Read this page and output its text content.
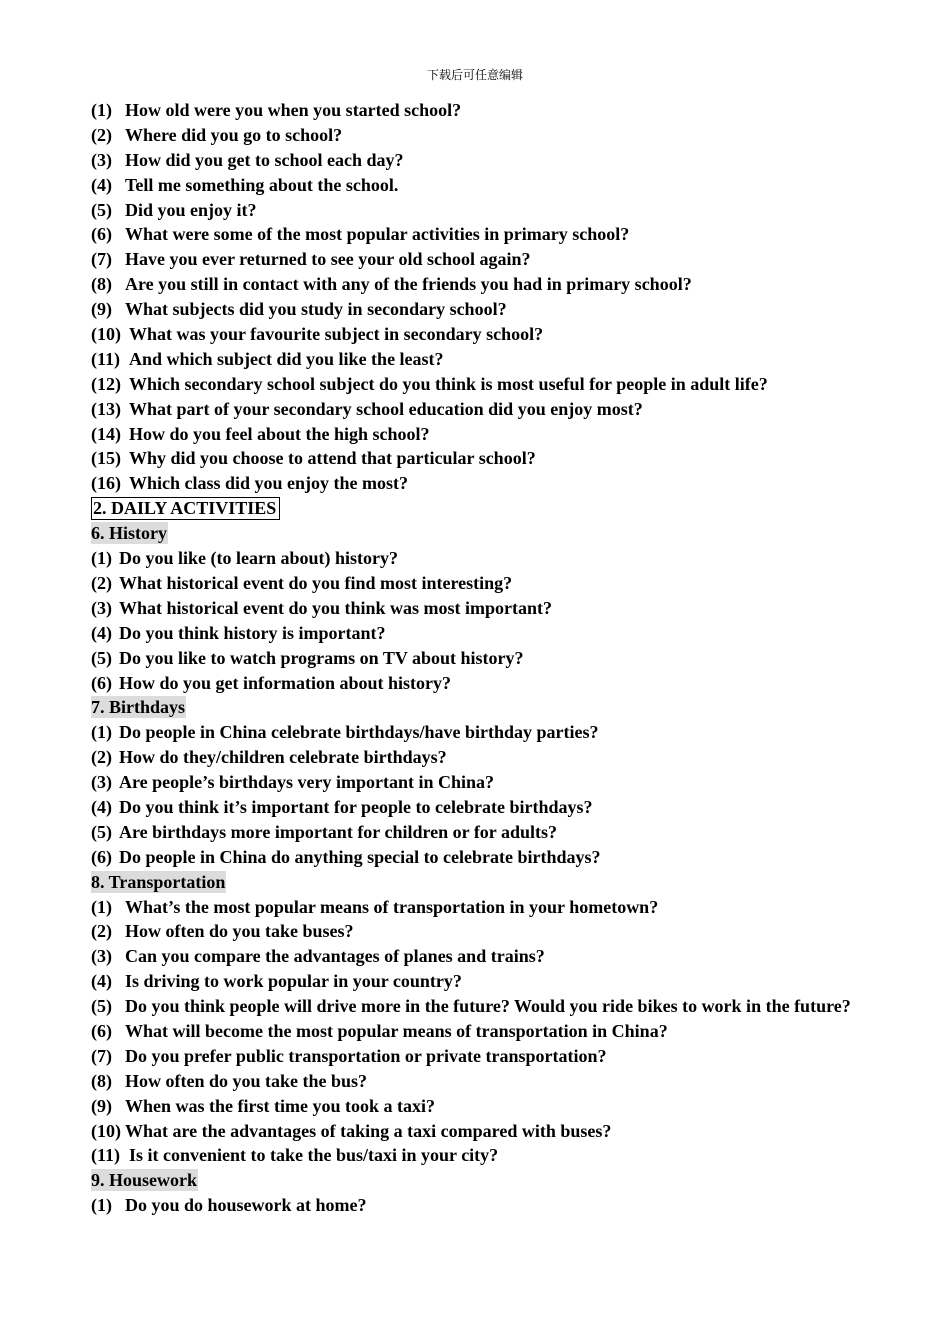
下载后可任意编辑
(1) How old were you when you started school?
(2) Where did you go to school?
(3) How did you get to school each day?
(4) Tell me something about the school.
(5) Did you enjoy it?
(6) What were some of the most popular activities in primary school?
(7) Have you ever returned to see your old school again?
(8) Are you still in contact with any of the friends you had in primary school?
(9) What subjects did you study in secondary school?
(10) What was your favourite subject in secondary school?
(11) And which subject did you like the least?
(12) Which secondary school subject do you think is most useful for people in adult life?
(13) What part of your secondary school education did you enjoy most?
(14) How do you feel about the high school?
(15) Why did you choose to attend that particular school?
(16) Which class did you enjoy the most?
2. DAILY ACTIVITIES
6. History
(1) Do you like (to learn about) history?
(2) What historical event do you find most interesting?
(3) What historical event do you think was most important?
(4) Do you think history is important?
(5) Do you like to watch programs on TV about history?
(6) How do you get information about history?
7. Birthdays
(1) Do people in China celebrate birthdays/have birthday parties?
(2) How do they/children celebrate birthdays?
(3) Are people’s birthdays very important in China?
(4) Do you think it’s important for people to celebrate birthdays?
(5) Are birthdays more important for children or for adults?
(6) Do people in China do anything special to celebrate birthdays?
8. Transportation
(1) What’s the most popular means of transportation in your hometown?
(2) How often do you take buses?
(3) Can you compare the advantages of planes and trains?
(4) Is driving to work popular in your country?
(5) Do you think people will drive more in the future? Would you ride bikes to work in the future?
(6) What will become the most popular means of transportation in China?
(7) Do you prefer public transportation or private transportation?
(8) How often do you take the bus?
(9) When was the first time you took a taxi?
(10) What are the advantages of taking a taxi compared with buses?
(11) Is it convenient to take the bus/taxi in your city?
9. Housework
(1) Do you do housework at home?
